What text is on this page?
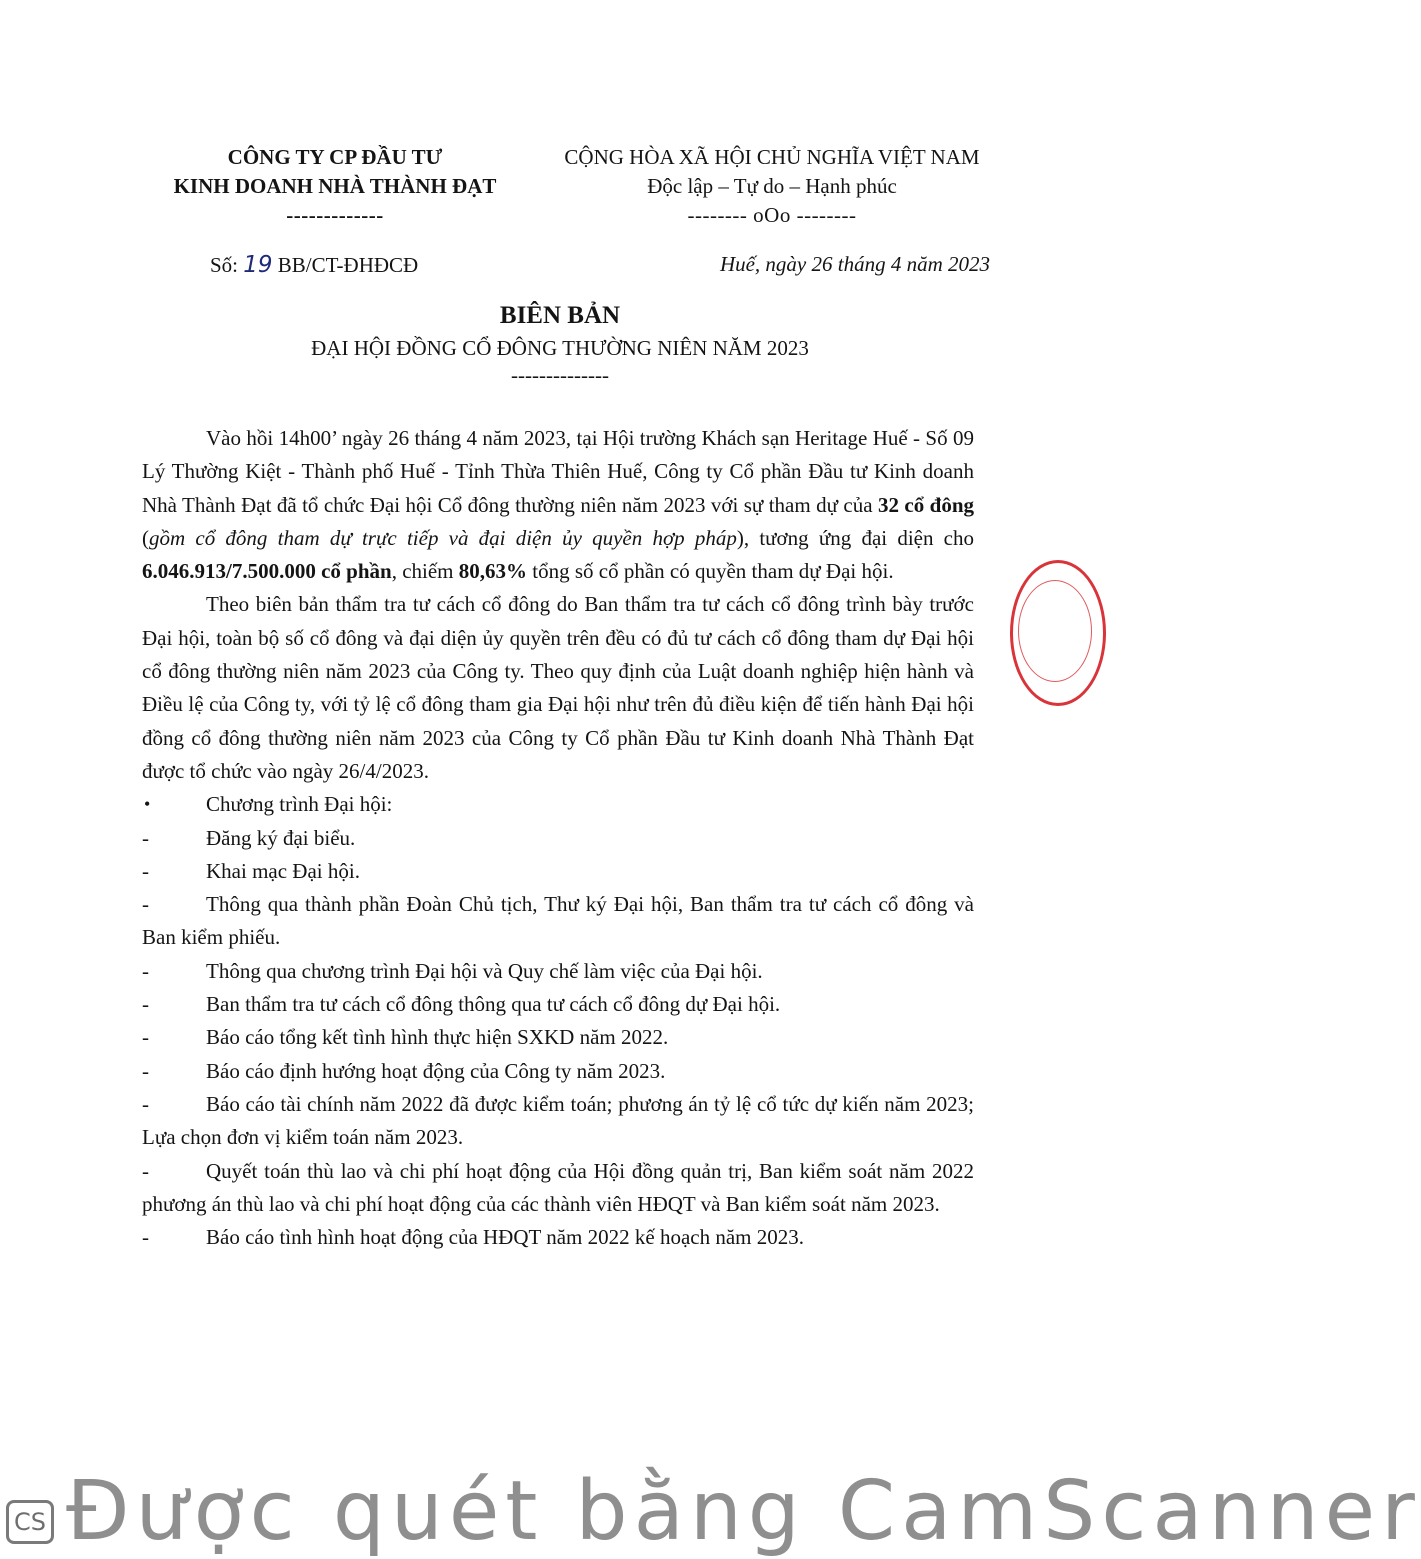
CÔNG TY CP ĐẦU TƯ
KINH DOANH NHÀ THÀNH ĐẠT
-------------
CỘNG HÒA XÃ HỘI CHỦ NGHĨA VIỆT NAM
Độc lập – Tự do – Hạnh phúc
-------- oOo --------
Số: 19 BB/CT-ĐHĐCĐ	Huế, ngày 26 tháng 4 năm 2023
BIÊN BẢN
ĐẠI HỘI ĐỒNG CỔ ĐÔNG THƯỜNG NIÊN NĂM 2023
--------------

Vào hồi 14h00’ ngày 26 tháng 4 năm 2023, tại Hội trường Khách sạn Heritage Huế - Số 09 Lý Thường Kiệt - Thành phố Huế - Tỉnh Thừa Thiên Huế, Công ty Cổ phần Đầu tư Kinh doanh Nhà Thành Đạt đã tổ chức Đại hội Cổ đông thường niên năm 2023 với sự tham dự của 32 cổ đông (gồm cổ đông tham dự trực tiếp và đại diện ủy quyền hợp pháp), tương ứng đại diện cho 6.046.913/7.500.000 cổ phần, chiếm 80,63% tổng số cổ phần có quyền tham dự Đại hội.

Theo biên bản thẩm tra tư cách cổ đông do Ban thẩm tra tư cách cổ đông trình bày trước Đại hội, toàn bộ số cổ đông và đại diện ủy quyền trên đều có đủ tư cách cổ đông tham dự Đại hội cổ đông thường niên năm 2023 của Công ty. Theo quy định của Luật doanh nghiệp hiện hành và Điều lệ của Công ty, với tỷ lệ cổ đông tham gia Đại hội như trên đủ điều kiện để tiến hành Đại hội đồng cổ đông thường niên năm 2023 của Công ty Cổ phần Đầu tư Kinh doanh Nhà Thành Đạt được tổ chức vào ngày 26/4/2023.

•	Chương trình Đại hội:
-	Đăng ký đại biểu.
-	Khai mạc Đại hội.
-	Thông qua thành phần Đoàn Chủ tịch, Thư ký Đại hội, Ban thẩm tra tư cách cổ đông và Ban kiểm phiếu.
-	Thông qua chương trình Đại hội và Quy chế làm việc của Đại hội.
-	Ban thẩm tra tư cách cổ đông thông qua tư cách cổ đông dự Đại hội.
-	Báo cáo tổng kết tình hình thực hiện SXKD năm 2022.
-	Báo cáo định hướng hoạt động của Công ty năm 2023.
-	Báo cáo tài chính năm 2022 đã được kiểm toán; phương án tỷ lệ cổ tức dự kiến năm 2023; Lựa chọn đơn vị kiểm toán năm 2023.
-	Quyết toán thù lao và chi phí hoạt động của Hội đồng quản trị, Ban kiểm soát năm 2022 phương án thù lao và chi phí hoạt động của các thành viên HĐQT và Ban kiểm soát năm 2023.
-	Báo cáo tình hình hoạt động của HĐQT năm 2022 kế hoạch năm 2023.
CS Được quét bằng CamScanner
